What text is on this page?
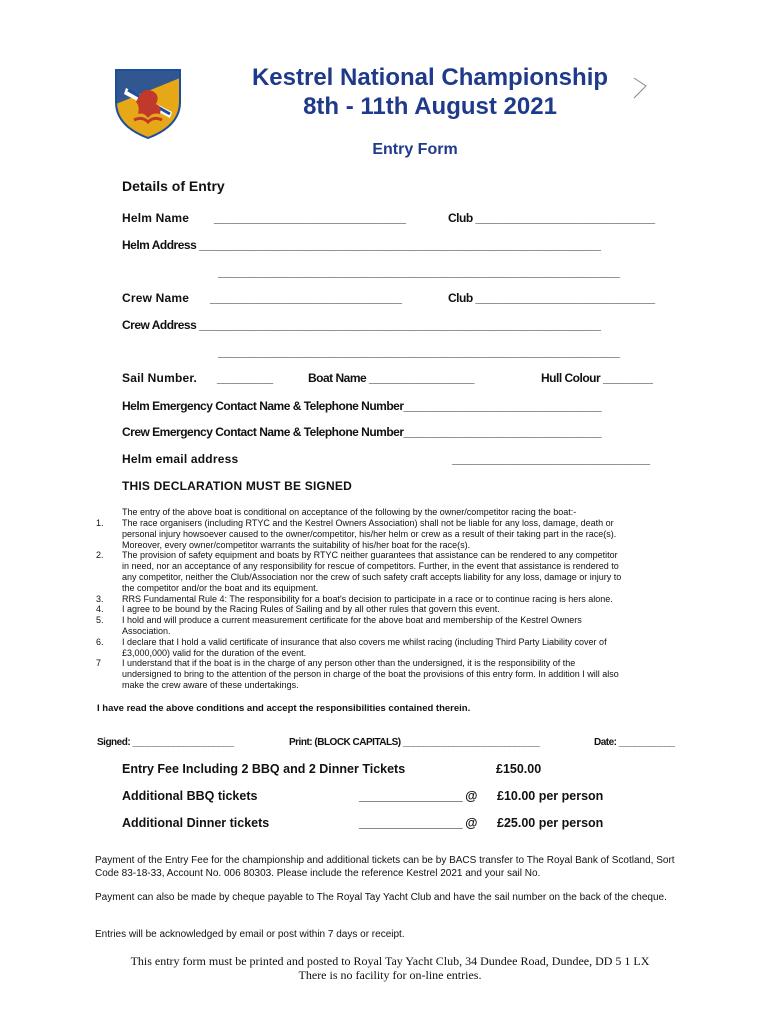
Kestrel National Championship
8th - 11th August 2021
Entry Form
Details of Entry
Helm Name _______________________________	Club _____________________________
Helm Address _________________________________________________________________
_________________________________________________________________
Crew Name _______________________________	Club _____________________________
Crew Address _________________________________________________________________
_________________________________________________________________
Sail Number. _________	Boat Name _________________	Hull Colour ________
Helm Emergency Contact Name & Telephone Number________________________________
Crew Emergency Contact Name & Telephone Number________________________________
Helm email address	________________________________
THIS DECLARATION MUST BE SIGNED
The entry of the above boat is conditional on acceptance of the following by the owner/competitor racing the boat:-
1. The race organisers (including RTYC and the Kestrel Owners Association) shall not be liable for any loss, damage, death or
personal injury howsoever caused to the owner/competitor, his/her helm or crew as a result of their taking part in the race(s).
Moreover, every owner/competitor warrants the suitability of his/her boat for the race(s).
2. The provision of safety equipment and boats by RTYC neither guarantees that assistance can be rendered to any competitor
in need, nor an acceptance of any responsibility for rescue of competitors. Further, in the event that assistance is rendered to
any competitor, neither the Club/Association nor the crew of such safety craft accepts liability for any loss, damage or injury to
the competitor and/or the boat and its equipment.
3. RRS Fundamental Rule 4: The responsibility for a boat's decision to participate in a race or to continue racing is hers alone.
4. I agree to be bound by the Racing Rules of Sailing and by all other rules that govern this event.
5. I hold and will produce a current measurement certificate for the above boat and membership of the Kestrel Owners
Association.
6. I declare that I hold a valid certificate of insurance that also covers me whilst racing (including Third Party Liability cover of
£3,000,000) valid for the duration of the event.
7 I understand that if the boat is in the charge of any person other than the undersigned, it is the responsibility of the
undersigned to bring to the attention of the person in charge of the boat the provisions of this entry form. In addition I will also
make the crew aware of these undertakings.
I have read the above conditions and accept the responsibilities contained therein.
Signed: ____________________	Print: (BLOCK CAPITALS) ___________________________	Date: ___________
Entry Fee Including 2 BBQ and 2 Dinner Tickets	£150.00
Additional BBQ tickets	________________ @ £10.00 per person
Additional Dinner tickets	________________ @ £25.00 per person
Payment of the Entry Fee for the championship and additional tickets can be by BACS transfer to The Royal Bank of Scotland, Sort Code 83-18-33, Account No. 006 80303. Please include the reference Kestrel 2021 and your sail No.
Payment can also be made by cheque payable to The Royal Tay Yacht Club and have the sail number on the back of the cheque.
Entries will be acknowledged by email or post within 7 days or receipt.
This entry form must be printed and posted to Royal Tay Yacht Club, 34 Dundee Road, Dundee, DD 5 1 LX
There is no facility for on-line entries.
